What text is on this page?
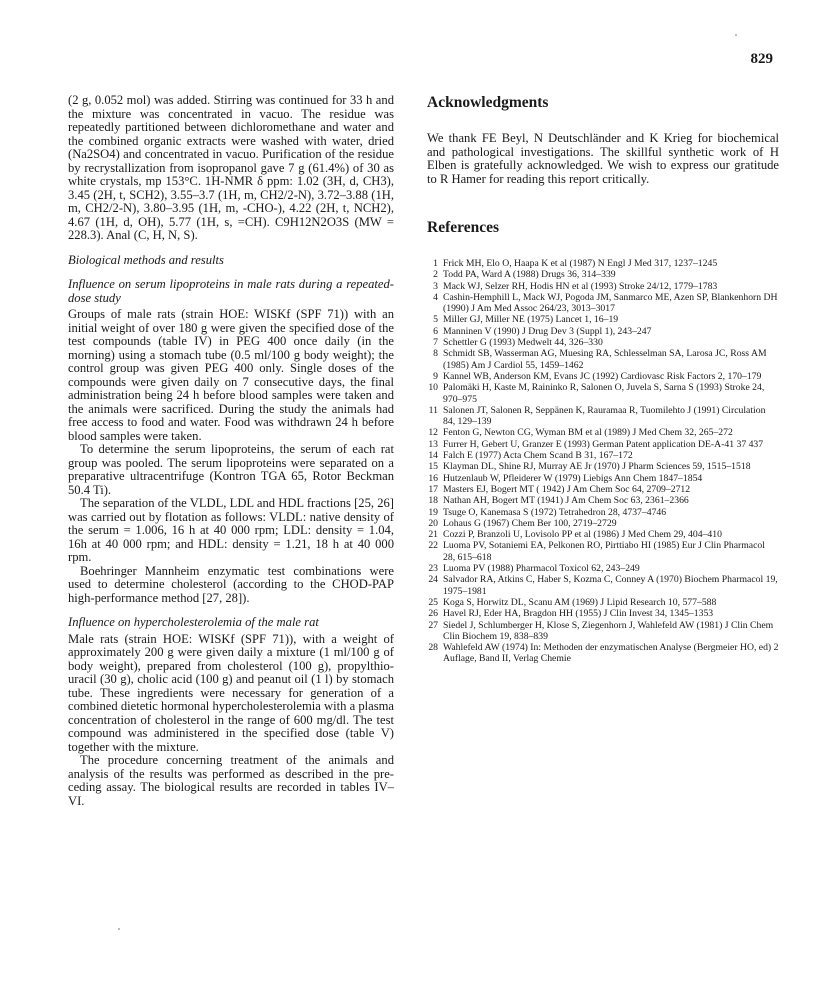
829

(2 g, 0.052 mol) was added. Stirring was continued for 33 h and the mixture was concentrated in vacuo. The residue was repeatedly partitioned between dichloromethane and water and the combined organic extracts were washed with water, dried (Na2SO4) and concentrated in vacuo. Purification of the residue by recrystallization from isopropanol gave 7 g (61.4%) of 30 as white crystals, mp 153°C. 1H-NMR δ ppm: 1.02 (3H, d, CH3), 3.45 (2H, t, SCH2), 3.55–3.7 (1H, m, CH2/2-N), 3.72–3.88 (1H, m, CH2/2-N), 3.80–3.95 (1H, m, -CHO-), 4.22 (2H, t, NCH2), 4.67 (1H, d, OH), 5.77 (1H, s, =CH). C9H12N2O3S (MW = 228.3). Anal (C, H, N, S).

Biological methods and results

Influence on serum lipoproteins in male rats during a repeated-dose study

Groups of male rats (strain HOE: WISKf (SPF 71)) with an initial weight of over 180 g were given the specified dose of the test compounds (table IV) in PEG 400 once daily (in the morning) using a stomach tube (0.5 ml/100 g body weight); the control group was given PEG 400 only. Single doses of the compounds were given daily on 7 consecutive days, the final administration being 24 h before blood samples were taken and the animals were sacrificed. During the study the animals had free access to food and water. Food was withdrawn 24 h before blood samples were taken.

To determine the serum lipoproteins, the serum of each rat group was pooled. The serum lipoproteins were separated on a preparative ultracentrifuge (Kontron TGA 65, Rotor Beckman 50.4 Ti).

The separation of the VLDL, LDL and HDL fractions [25, 26] was carried out by flotation as follows: VLDL: native density of the serum = 1.006, 16 h at 40 000 rpm; LDL: density = 1.04, 16h at 40 000 rpm; and HDL: density = 1.21, 18 h at 40 000 rpm.

Boehringer Mannheim enzymatic test combinations were used to determine cholesterol (according to the CHOD-PAP high-performance method [27, 28]).

Influence on hypercholesterolemia of the male rat

Male rats (strain HOE: WISKf (SPF 71)), with a weight of approximately 200 g were given daily a mixture (1 ml/100 g of body weight), prepared from cholesterol (100 g), propylthio-uracil (30 g), cholic acid (100 g) and peanut oil (1 l) by stomach tube. These ingredients were necessary for generation of a combined dietetic hormonal hypercholesterolemia with a plasma concentration of cholesterol in the range of 600 mg/dl. The test compound was administered in the specified dose (table V) together with the mixture.

The procedure concerning treatment of the animals and analysis of the results was performed as described in the pre-ceding assay. The biological results are recorded in tables IV–VI.

Acknowledgments

We thank FE Beyl, N Deutschländer and K Krieg for biochemical and pathological investigations. The skillful synthetic work of H Elben is gratefully acknowledged. We wish to express our gratitude to R Hamer for reading this report critically.

References
1 Frick MH, Elo O, Haapa K et al (1987) N Engl J Med 317, 1237–1245
2 Todd PA, Ward A (1988) Drugs 36, 314–339
3 Mack WJ, Selzer RH, Hodis HN et al (1993) Stroke 24/12, 1779–1783
4 Cashin-Hemphill L, Mack WJ, Pogoda JM, Sanmarco ME, Azen SP, Blankenhorn DH (1990) J Am Med Assoc 264/23, 3013–3017
5 Miller GJ, Miller NE (1975) Lancet 1, 16–19
6 Manninen V (1990) J Drug Dev 3 (Suppl 1), 243–247
7 Schettler G (1993) Medwelt 44, 326–330
8 Schmidt SB, Wasserman AG, Muesing RA, Schlesselman SA, Larosa JC, Ross AM (1985) Am J Cardiol 55, 1459–1462
9 Kannel WB, Anderson KM, Evans JC (1992) Cardiovasc Risk Factors 2, 170–179
10 Palomäki H, Kaste M, Raininko R, Salonen O, Juvela S, Sarna S (1993) Stroke 24, 970–975
11 Salonen JT, Salonen R, Seppänen K, Rauramaa R, Tuomilehto J (1991) Circulation 84, 129–139
12 Fenton G, Newton CG, Wyman BM et al (1989) J Med Chem 32, 265–272
13 Furrer H, Gebert U, Granzer E (1993) German Patent application DE-A-41 37 437
14 Falch E (1977) Acta Chem Scand B 31, 167–172
15 Klayman DL, Shine RJ, Murray AE Jr (1970) J Pharm Sciences 59, 1515–1518
16 Hutzenlaub W, Pfleiderer W (1979) Liebigs Ann Chem 1847–1854
17 Masters EJ, Bogert MT ( 1942) J Am Chem Soc 64, 2709–2712
18 Nathan AH, Bogert MT (1941) J Am Chem Soc 63, 2361–2366
19 Tsuge O, Kanemasa S (1972) Tetrahedron 28, 4737–4746
20 Lohaus G (1967) Chem Ber 100, 2719–2729
21 Cozzi P, Branzoli U, Lovisolo PP et al (1986) J Med Chem 29, 404–410
22 Luoma PV, Sotaniemi EA, Pelkonen RO, Pirttiabo HI (1985) Eur J Clin Pharmacol 28, 615–618
23 Luoma PV (1988) Pharmacol Toxicol 62, 243–249
24 Salvador RA, Atkins C, Haber S, Kozma C, Conney A (1970) Biochem Pharmacol 19, 1975–1981
25 Koga S, Horwitz DL, Scanu AM (1969) J Lipid Research 10, 577–588
26 Havel RJ, Eder HA, Bragdon HH (1955) J Clin Invest 34, 1345–1353
27 Siedel J, Schlumberger H, Klose S, Ziegenhorn J, Wahlefeld AW (1981) J Clin Chem Clin Biochem 19, 838–839
28 Wahlefeld AW (1974) In: Methoden der enzymatischen Analyse (Bergmeier HO, ed) 2 Auflage, Band II, Verlag Chemie
